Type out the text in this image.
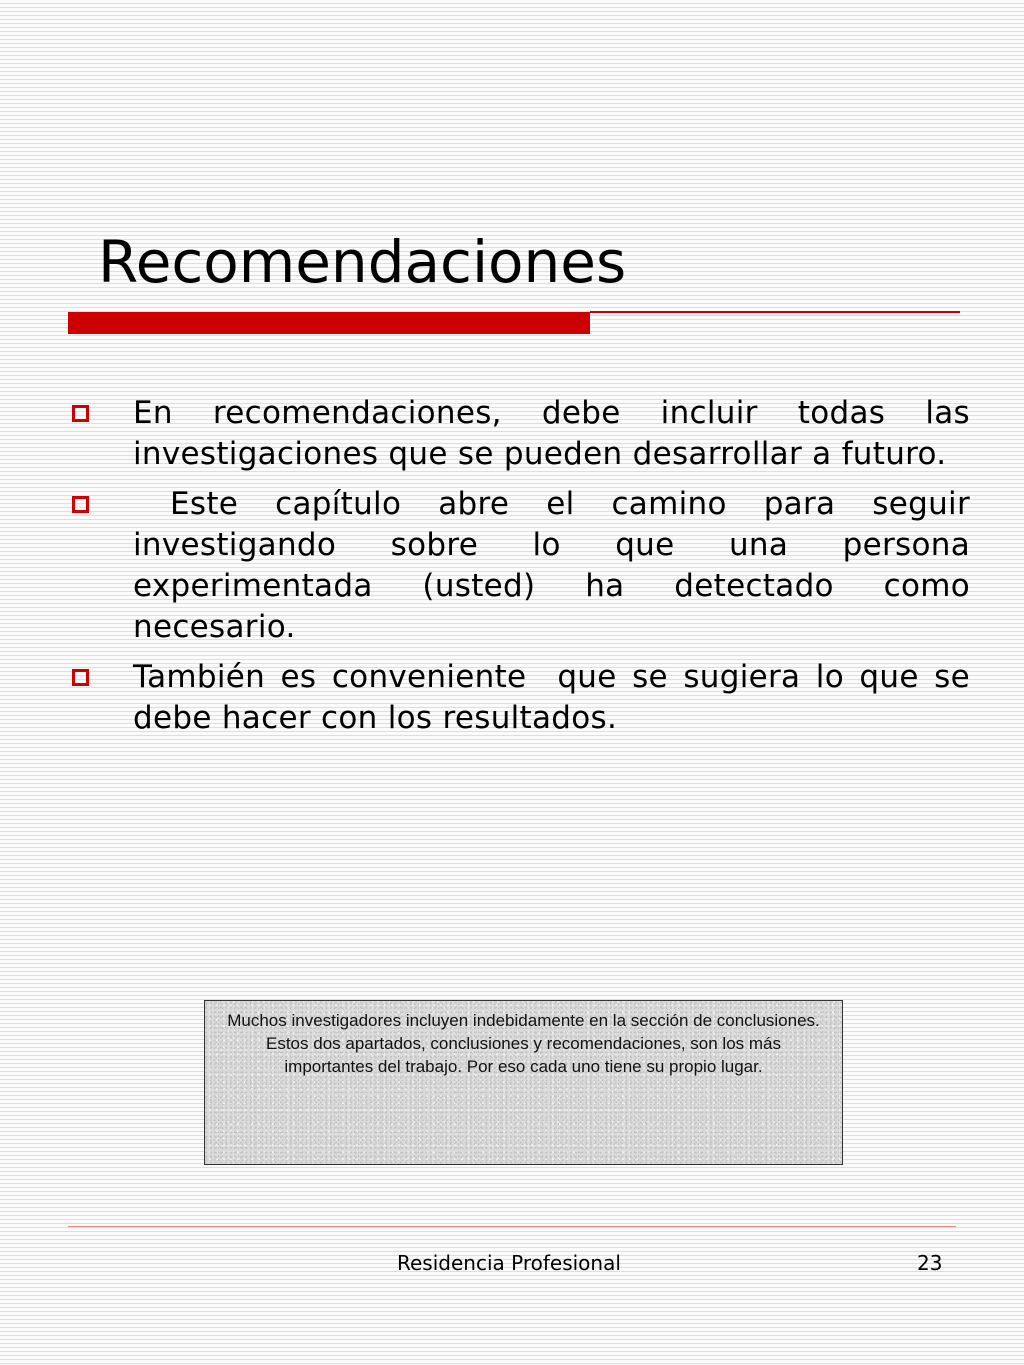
Recomendaciones
En recomendaciones, debe incluir todas las investigaciones que se pueden desarrollar a futuro.
Este capítulo abre el camino para seguir investigando sobre lo que una persona experimentada (usted) ha detectado como necesario.
También es conveniente  que se sugiera lo que se debe hacer con los resultados.
Muchos investigadores incluyen indebidamente en la sección de conclusiones.
Estos dos apartados, conclusiones y recomendaciones, son los más importantes del trabajo. Por eso cada uno tiene su propio lugar.
Residencia Profesional	23
